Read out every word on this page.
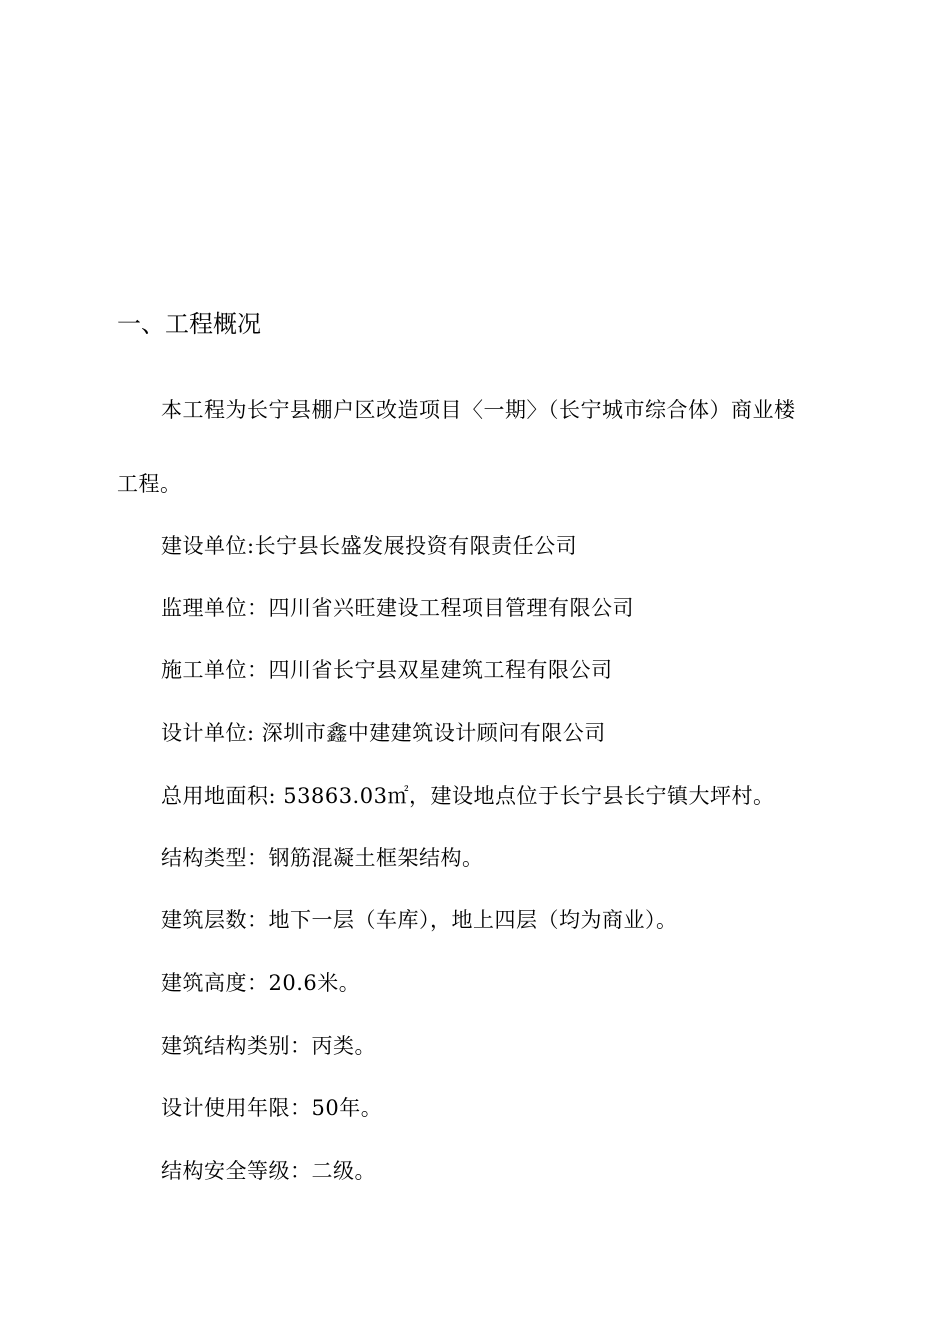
一、工程概况
本工程为长宁县棚户区改造项目〈一期〉（长宁城市综合体）商业楼
工程。
建设单位:长宁县长盛发展投资有限责任公司
监理单位：四川省兴旺建设工程项目管理有限公司
施工单位：四川省长宁县双星建筑工程有限公司
设计单位: 深圳市鑫中建建筑设计顾问有限公司
总用地面积: 53863.03㎡，建设地点位于长宁县长宁镇大坪村。
结构类型：钢筋混凝土框架结构。
建筑层数：地下一层（车库），地上四层（均为商业）。
建筑高度：20.6米。
建筑结构类别：丙类。
设计使用年限：50年。
结构安全等级：二级。
